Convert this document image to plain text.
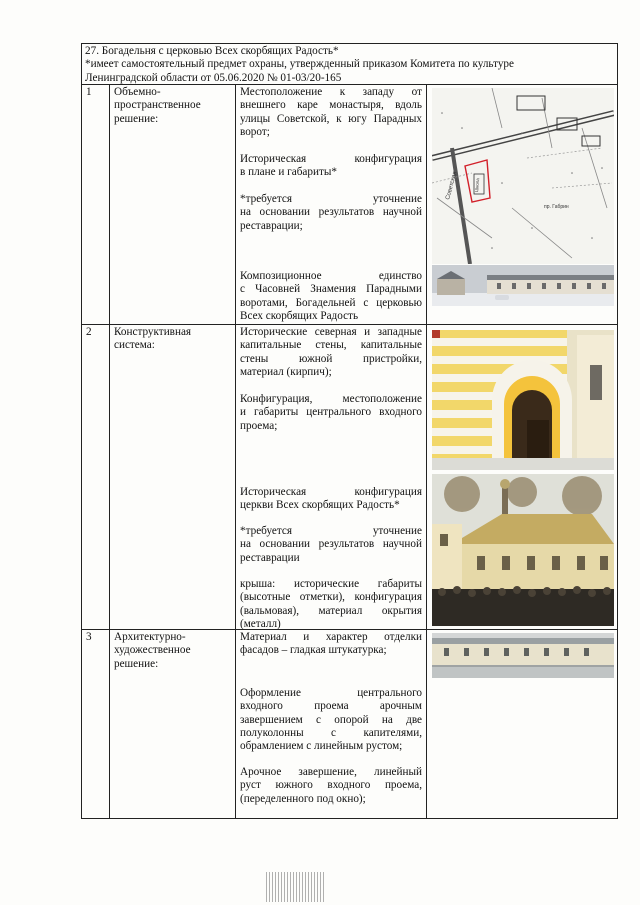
27. Богадельня с церковью Всех скорбящих Радость*
*имеет самостоятельный предмет охраны, утвержденный приказом Комитета по культуре
Ленинградской области от 05.06.2020 № 01-03/20-165
1 Объемно-
пространственное
решение:
Местоположение к западу от
внешнего каре монастыря, вдоль
улицы Советской, к югу Парадных
ворот;
Историческая конфигурация
в плане и габариты*
*требуется уточнение
на основании результатов научной
реставрации;
Композиционное единство
с Часовней Знамения Парадными
воротами, Богадельней с церковью
Всех скорбящих Радость
Советская	Школа
пр. Габрин
2 Конструктивная
система:
Исторические северная и западные
капитальные стены, капитальные
стены южной пристройки,
материал (кирпич);
Конфигурация, местоположение
и габариты центрального входного
проема;
Историческая конфигурация
церкви Всех скорбящих Радость*
*требуется уточнение
на основании результатов научной
реставрации
крыша: исторические габариты
(высотные отметки), конфигурация
(вальмовая), материал окрытия
(металл)
3 Архитектурно-
художественное
решение:
Материал и характер отделки
фасадов – гладкая штукатурка;
Оформление центрального
входного проема арочным
завершением с опорой на две
полуколонны с капителями,
обрамлением с линейным рустом;
Арочное завершение, линейный
руст южного входного проема,
(переделенного под окно);
